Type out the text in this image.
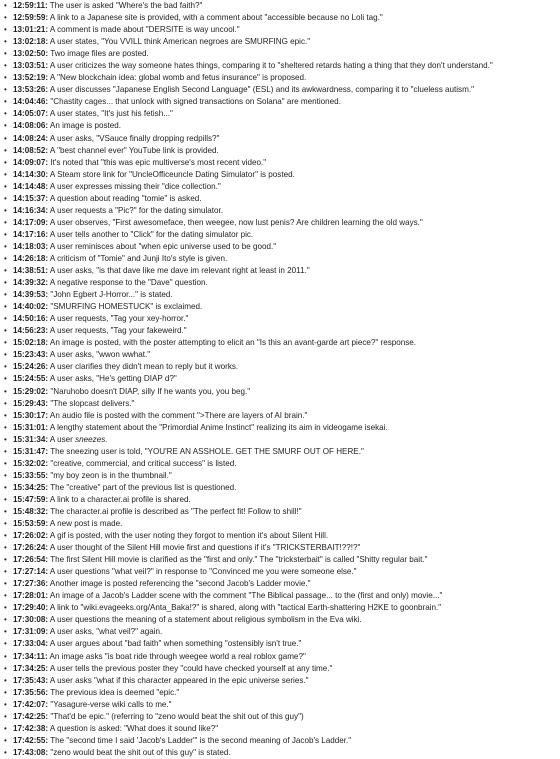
• 12:59:11: The user is asked "Where's the bad faith?"
• 12:59:59: A link to a Japanese site is provided, with a comment about "accessible because no Loli tag."
• 13:01:21: A comment is made about "DERSITE is way uncool."
• 13:02:18: A user states, "You VVILL think American negroes are SMURFING epic."
• 13:02:50: Two image files are posted.
• 13:03:51: A user criticizes the way someone hates things, comparing it to "sheltered retards hating a thing that they don't understand."
• 13:52:19: A "New blockchain idea: global womb and fetus insurance" is proposed.
• 13:53:26: A user discusses "Japanese English Second Language" (ESL) and its awkwardness, comparing it to "clueless autism."
• 14:04:46: "Chastity cages... that unlock with signed transactions on Solana" are mentioned.
• 14:05:07: A user states, "It's just his fetish..."
• 14:08:06: An image is posted.
• 14:08:24: A user asks, "VSauce finally dropping redpills?"
• 14:08:52: A "best channel ever" YouTube link is provided.
• 14:09:07: It's noted that "this was epic multiverse's most recent video."
• 14:14:30: A Steam store link for "UncleOfficeuncle Dating Simulator" is posted.
• 14:14:48: A user expresses missing their "dice collection."
• 14:15:37: A question about reading "tomie" is asked.
• 14:16:34: A user requests a "Pic?" for the dating simulator.
• 14:17:09: A user observes, "First awesomeface, then weegee, now lust penis? Are children learning the old ways."
• 14:17:16: A user tells another to "Click" for the dating simulator pic.
• 14:18:03: A user reminisces about "when epic universe used to be good."
• 14:26:18: A criticism of "Tomie" and Junji Ito's style is given.
• 14:38:51: A user asks, "is that dave like me dave im relevant right at least in 2011."
• 14:39:32: A negative response to the "Dave" question.
• 14:39:53: "John Egbert J-Horror..." is stated.
• 14:40:02: "SMURFING HOMESTUCK" is exclaimed.
• 14:50:16: A user requests, "Tag your xey-horror."
• 14:56:23: A user requests, "Tag your fakeweird."
• 15:02:18: An image is posted, with the poster attempting to elicit an "Is this an avant-garde art piece?" response.
• 15:23:43: A user asks, "wwon wwhat."
• 15:24:26: A user clarifies they didn't mean to reply but it works.
• 15:24:55: A user asks, "He's getting DIAP d?"
• 15:29:02: "Naruhobo doesn't DIAP, silly If he wants you, you beg."
• 15:29:43: "The slopcast delivers."
• 15:30:17: An audio file is posted with the comment ">There are layers of AI brain."
• 15:31:01: A lengthy statement about the "Primordial Anime Instinct" realizing its aim in videogame isekai.
• 15:31:34: A user sneezes.
• 15:31:47: The sneezing user is told, "YOU'RE AN ASSHOLE. GET THE SMURF OUT OF HERE."
• 15:32:02: "creative, commercial, and critical success" is listed.
• 15:33:55: "my boy zeon is in the thumbnail."
• 15:34:25: The "creative" part of the previous list is questioned.
• 15:47:59: A link to a character.ai profile is shared.
• 15:48:32: The character.ai profile is described as "The perfect fit! Follow to shill!"
• 15:53:59: A new post is made.
• 17:26:02: A gif is posted, with the user noting they forgot to mention it's about Silent Hill.
• 17:26:24: A user thought of the Silent Hill movie first and questions if it's "TRICKSTERBAIT!??!?"
• 17:26:54: The first Silent Hill movie is clarified as the "first and only." The "tricksterbait" is called "Shitty regular bait."
• 17:27:14: A user questions "what veil?" in response to "Convinced me you were someone else."
• 17:27:36: Another image is posted referencing the "second Jacob's Ladder movie."
• 17:28:01: An image of a Jacob's Ladder scene with the comment "The Biblical passage... to the (first and only) movie..."
• 17:29:40: A link to "wiki.evageeks.org/Anta_Baka!?" is shared, along with "tactical Earth-shattering H2KE to goonbrain."
• 17:30:08: A user questions the meaning of a statement about religious symbolism in the Eva wiki.
• 17:31:09: A user asks, "what veil?" again.
• 17:33:04: A user argues about "bad faith" when something "ostensibly isn't true."
• 17:34:11: An image asks "is boat ride through weegee world a real roblox game?"
• 17:34:25: A user tells the previous poster they "could have checked yourself at any time."
• 17:35:43: A user asks "what if this character appeared in the epic universe series."
• 17:35:56: The previous idea is deemed "epic."
• 17:42:07: "Yasagure-verse wiki calls to me."
• 17:42:25: "That'd be epic." (referring to "zeno would beat the shit out of this guy")
• 17:42:38: A question is asked: "What does it sound like?"
• 17:42:55: The "second time I said 'Jacob's Ladder'" is the second meaning of Jacob's Ladder."
• 17:43:08: "zeno would beat the shit out of this guy" is stated.
